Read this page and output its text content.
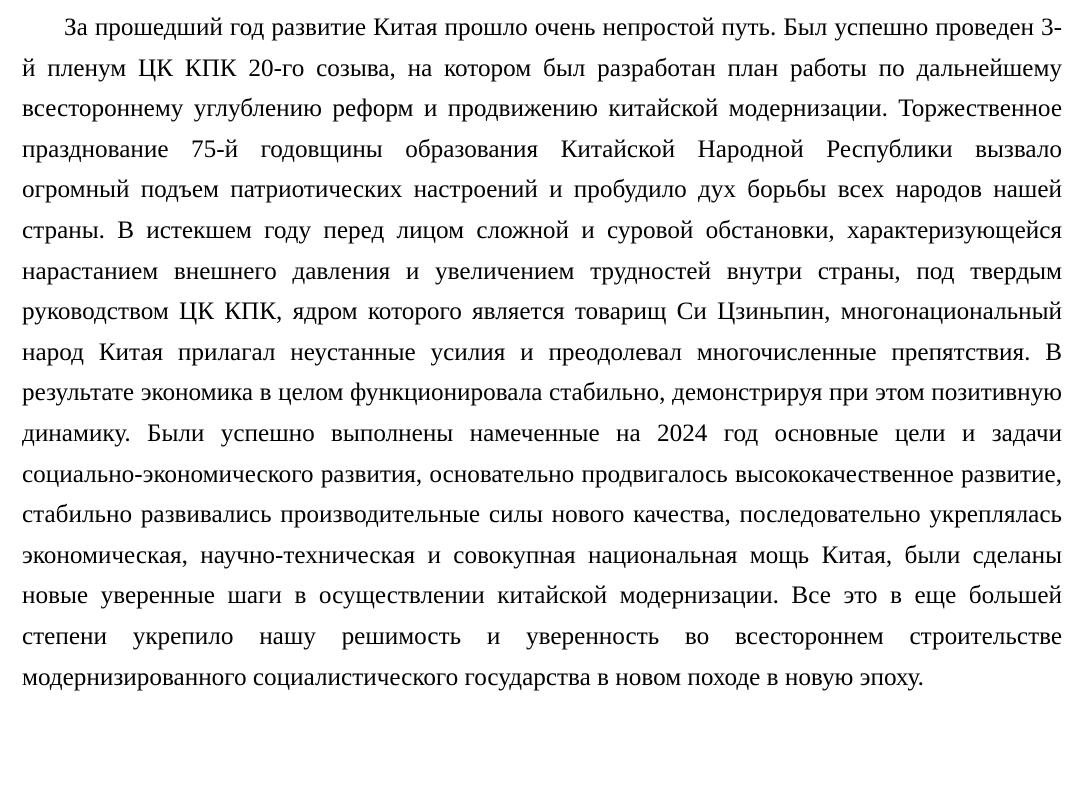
За прошедший год развитие Китая прошло очень непростой путь. Был успешно проведен 3-й пленум ЦК КПК 20-го созыва, на котором был разработан план работы по дальнейшему всестороннему углублению реформ и продвижению китайской модернизации. Торжественное празднование 75-й годовщины образования Китайской Народной Республики вызвало огромный подъем патриотических настроений и пробудило дух борьбы всех народов нашей страны. В истекшем году перед лицом сложной и суровой обстановки, характеризующейся нарастанием внешнего давления и увеличением трудностей внутри страны, под твердым руководством ЦК КПК, ядром которого является товарищ Си Цзиньпин, многонациональный народ Китая прилагал неустанные усилия и преодолевал многочисленные препятствия. В результате экономика в целом функционировала стабильно, демонстрируя при этом позитивную динамику. Были успешно выполнены намеченные на 2024 год основные цели и задачи социально-экономического развития, основательно продвигалось высококачественное развитие, стабильно развивались производительные силы нового качества, последовательно укреплялась экономическая, научно-техническая и совокупная национальная мощь Китая, были сделаны новые уверенные шаги в осуществлении китайской модернизации. Все это в еще большей степени укрепило нашу решимость и уверенность во всестороннем строительстве модернизированного социалистического государства в новом походе в новую эпоху.
